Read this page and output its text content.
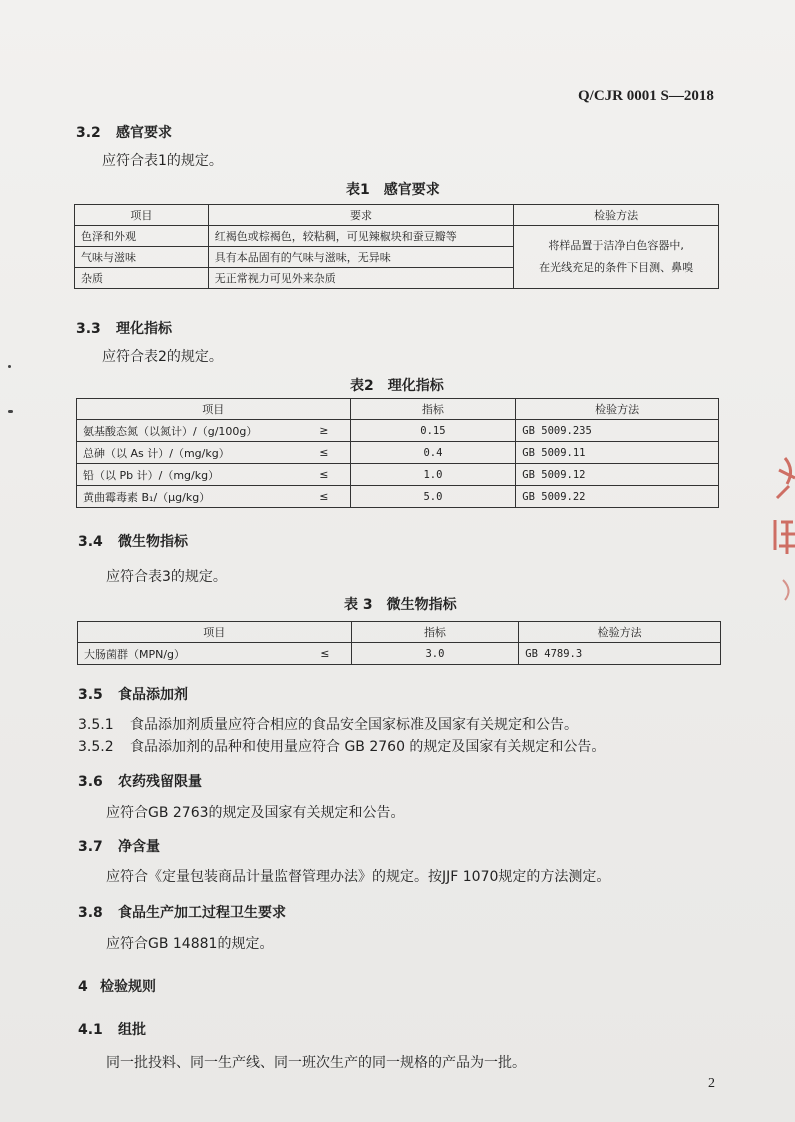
Q/CJR 0001 S—2018
3.2 感官要求
应符合表1的规定。
表1　感官要求
项目	要求	检验方法
色泽和外观	红褐色或棕褐色，较粘稠，可见辣椒块和蚕豆瓣等	将样品置于洁净白色容器中,
在光线充足的条件下目测、鼻嗅

气味与滋味	具有本品固有的气味与滋味，无异味	
杂质	无正常视力可见外来杂质	
3.3 理化指标
应符合表2的规定。
表2　理化指标
项目		指标	检验方法
氨基酸态氮（以氮计）/（g/100g）	≥	0.15	GB 5009.235
总砷（以 As 计）/（mg/kg）	≤	0.4	GB 5009.11
铅（以 Pb 计）/（mg/kg）	≤	1.0	GB 5009.12
黄曲霉毒素 B₁/（μg/kg）	≤	5.0	GB 5009.22
3.4 微生物指标
应符合表3的规定。
表 3　微生物指标
项目		指标	检验方法
大肠菌群（MPN/g）	≤	3.0	GB 4789.3
3.5 食品添加剂
3.5.1 食品添加剂质量应符合相应的食品安全国家标准及国家有关规定和公告。
3.5.2 食品添加剂的品种和使用量应符合 GB 2760 的规定及国家有关规定和公告。
3.6 农药残留限量
应符合GB 2763的规定及国家有关规定和公告。
3.7 净含量
应符合《定量包装商品计量监督管理办法》的规定。按JJF 1070规定的方法测定。
3.8 食品生产加工过程卫生要求
应符合GB 14881的规定。
4 检验规则
4.1 组批
同一批投料、同一生产线、同一班次生产的同一规格的产品为一批。
2
